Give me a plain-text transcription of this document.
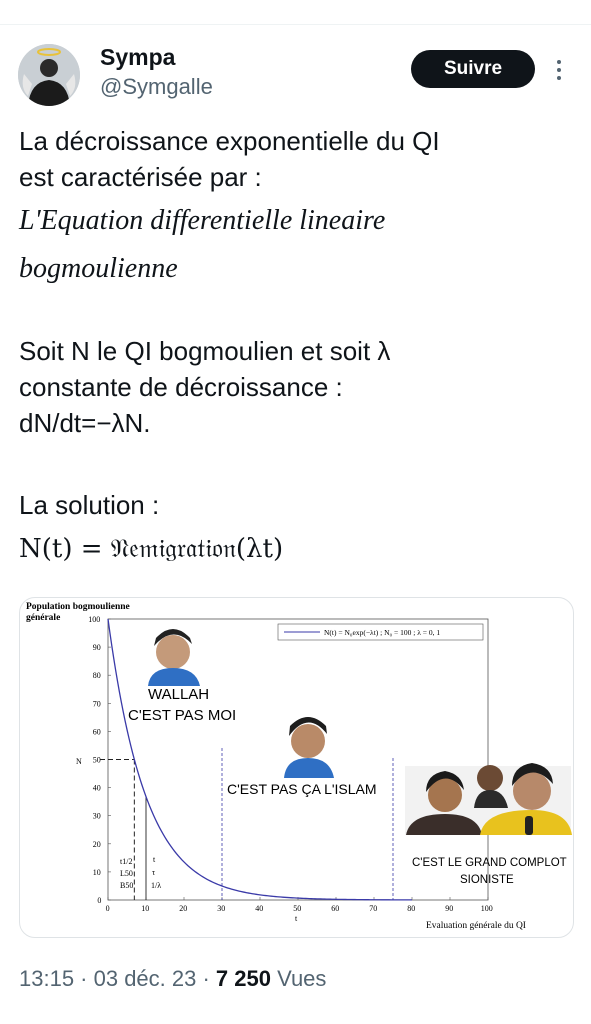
Sympa
@Symgalle
Suivre
La décroissance exponentielle du QI
est caractérisée par :
L'Equation differentielle lineaire
bogmoulienne
Soit N le QI bogmoulien et soit λ
constante de décroissance :
dN/dt=−λN.
La solution :
N(t) = 𝔑𝔢𝔪𝔦𝔤𝔯𝔞𝔱𝔦𝔬𝔫(λt)
Population bogmoulienne
générale
N
Evaluation générale du QI
t
0	10	20	30	40	50	60	70	80	90	100
0
10
20
30
40
50
60
70
80
90
100
N(t) = N₀exp(−λt) ; N₀ = 100 ; λ = 0, 1
t1/2
L50
B50
t
τ
1/λ
WALLAH
C'EST PAS MOI
C'EST PAS ÇA L'ISLAM
C'EST LE GRAND COMPLOT
SIONISTE
13:15 · 03 déc. 23 · 7 250 Vues
